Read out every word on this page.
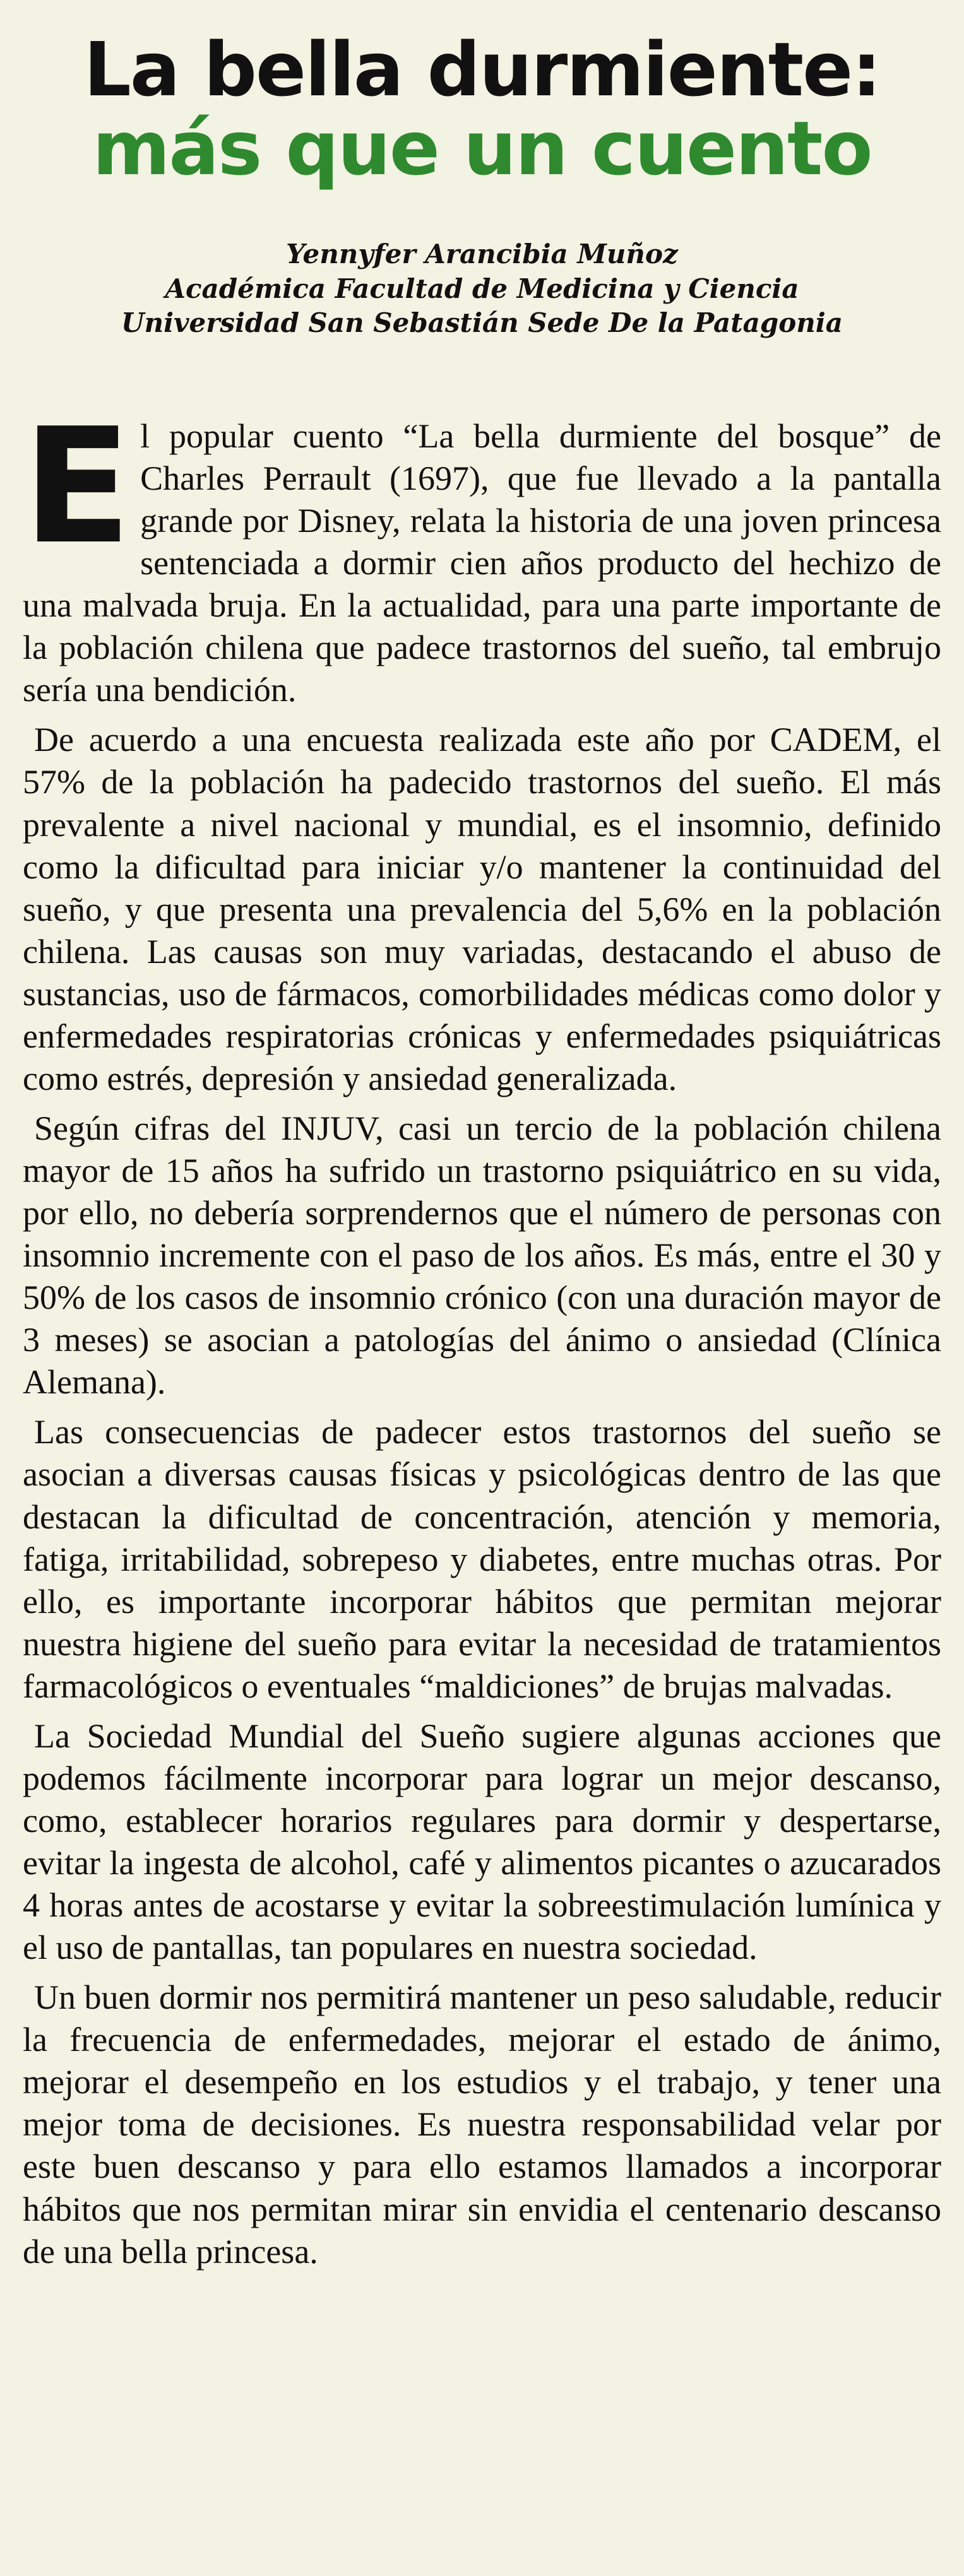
La bella durmiente:
más que un cuento
Yennyfer Arancibia Muñoz
Académica Facultad de Medicina y Ciencia
Universidad San Sebastián Sede De la Patagonia

El popular cuento “La bella durmiente del bosque” de Charles Perrault (1697), que fue llevado a la pantalla grande por Disney, relata la historia de una joven princesa sentenciada a dormir cien años producto del hechizo de una malvada bruja. En la actualidad, para una parte importante de la población chilena que padece trastornos del sueño, tal embrujo sería una bendición.

De acuerdo a una encuesta realizada este año por CADEM, el 57% de la población ha padecido trastornos del sueño. El más prevalente a nivel nacional y mundial, es el insomnio, definido como la dificultad para iniciar y/o mantener la continuidad del sueño, y que presenta una prevalencia del 5,6% en la población chilena. Las causas son muy variadas, destacando el abuso de sustancias, uso de fármacos, comorbilidades médicas como dolor y enfermedades respiratorias crónicas y enfermedades psiquiátricas como estrés, depresión y ansiedad generalizada.

Según cifras del INJUV, casi un tercio de la población chilena mayor de 15 años ha sufrido un trastorno psiquiátrico en su vida, por ello, no debería sorprendernos que el número de personas con insomnio incremente con el paso de los años. Es más, entre el 30 y 50% de los casos de insomnio crónico (con una duración mayor de 3 meses) se asocian a patologías del ánimo o ansiedad (Clínica Alemana).

Las consecuencias de padecer estos trastornos del sueño se asocian a diversas causas físicas y psicológicas dentro de las que destacan la dificultad de concentración, atención y memoria, fatiga, irritabilidad, sobrepeso y diabetes, entre muchas otras. Por ello, es importante incorporar hábitos que permitan mejorar nuestra higiene del sueño para evitar la necesidad de tratamientos farmacológicos o eventuales “maldiciones” de brujas malvadas.

La Sociedad Mundial del Sueño sugiere algunas acciones que podemos fácilmente incorporar para lograr un mejor descanso, como, establecer horarios regulares para dormir y despertarse, evitar la ingesta de alcohol, café y alimentos picantes o azucarados 4 horas antes de acostarse y evitar la sobreestimulación lumínica y el uso de pantallas, tan populares en nuestra sociedad.

Un buen dormir nos permitirá mantener un peso saludable, reducir la frecuencia de enfermedades, mejorar el estado de ánimo, mejorar el desempeño en los estudios y el trabajo, y tener una mejor toma de decisiones. Es nuestra responsabilidad velar por este buen descanso y para ello estamos llamados a incorporar hábitos que nos permitan mirar sin envidia el centenario descanso de una bella princesa.
